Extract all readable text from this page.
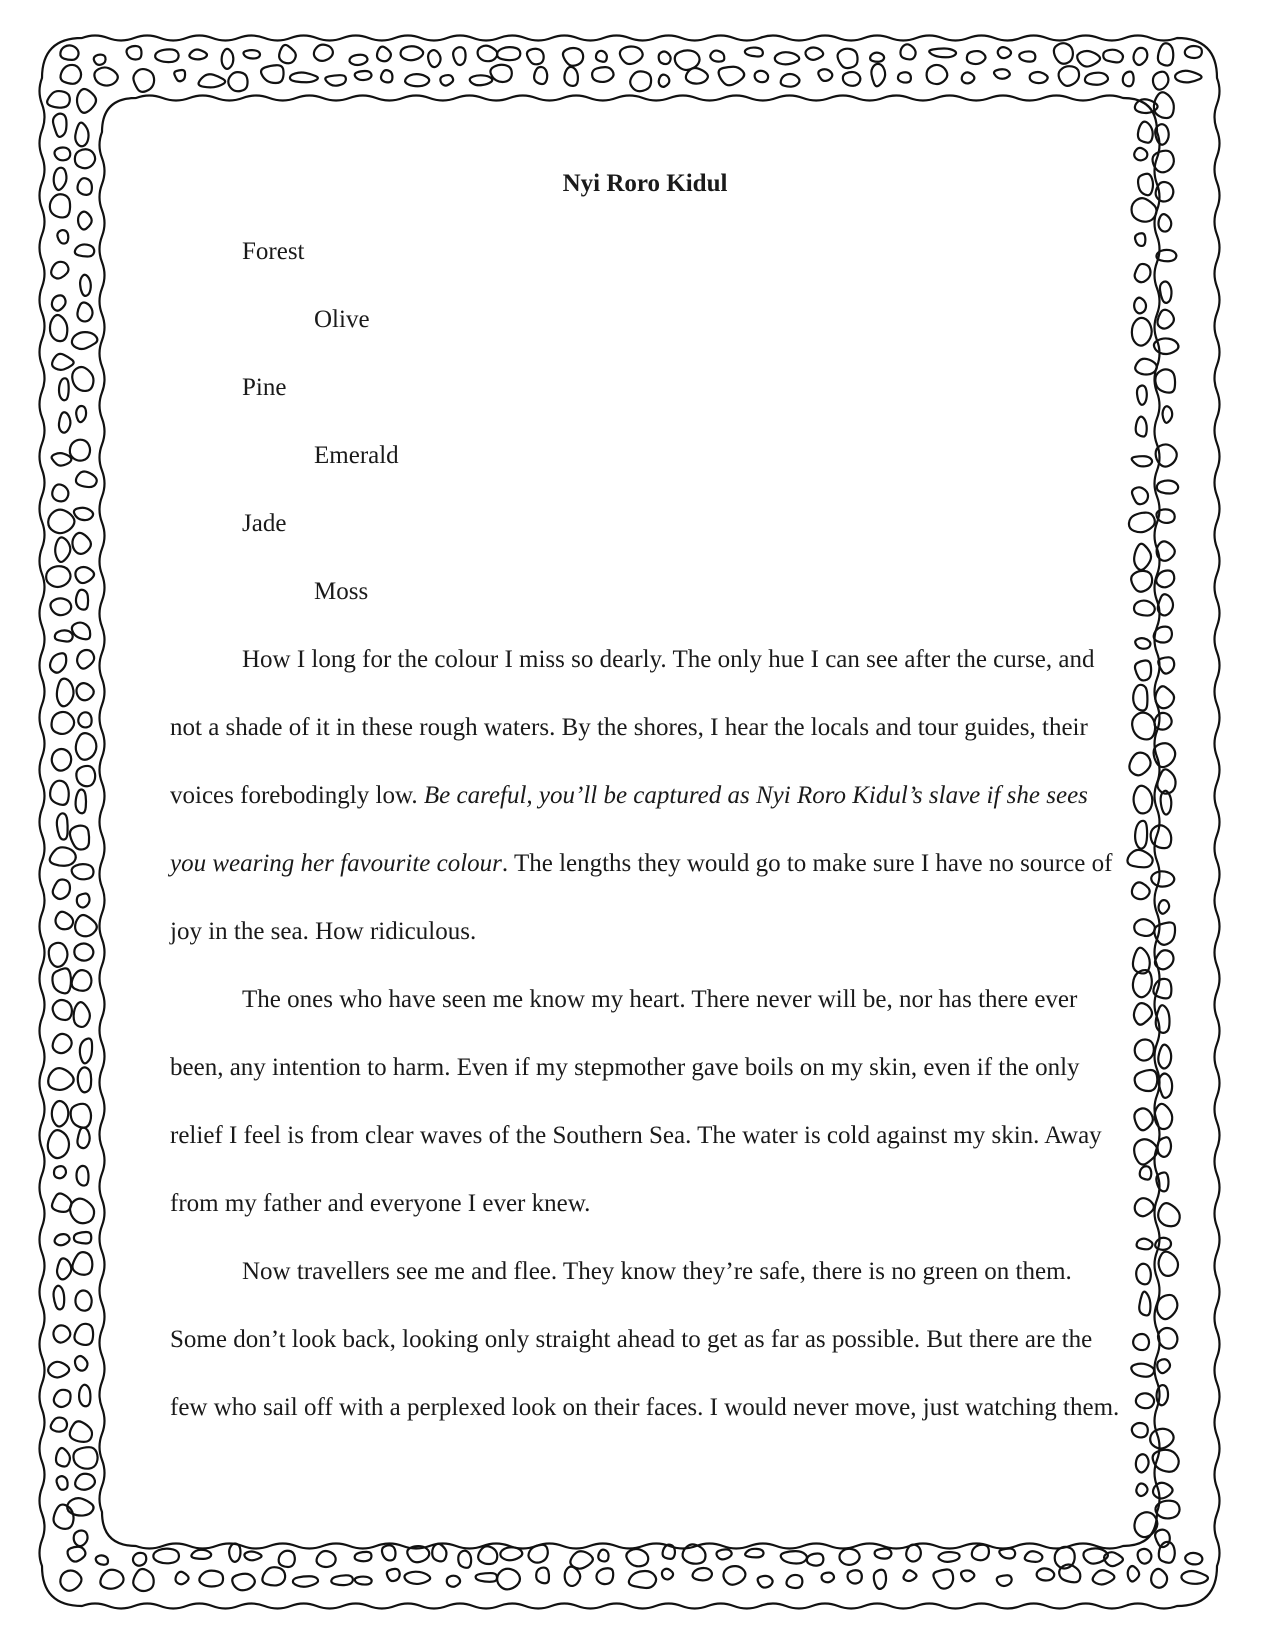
Nyi Roro Kidul

Forest

Olive

Pine

Emerald

Jade

Moss

How I long for the colour I miss so dearly. The only hue I can see after the curse, and not a shade of it in these rough waters. By the shores, I hear the locals and tour guides, their voices forebodingly low. Be careful, you’ll be captured as Nyi Roro Kidul’s slave if she sees you wearing her favourite colour. The lengths they would go to make sure I have no source of joy in the sea. How ridiculous.

The ones who have seen me know my heart. There never will be, nor has there ever been, any intention to harm. Even if my stepmother gave boils on my skin, even if the only relief I feel is from clear waves of the Southern Sea. The water is cold against my skin. Away from my father and everyone I ever knew.

Now travellers see me and flee. They know they’re safe, there is no green on them. Some don’t look back, looking only straight ahead to get as far as possible. But there are the few who sail off with a perplexed look on their faces. I would never move, just watching them.
